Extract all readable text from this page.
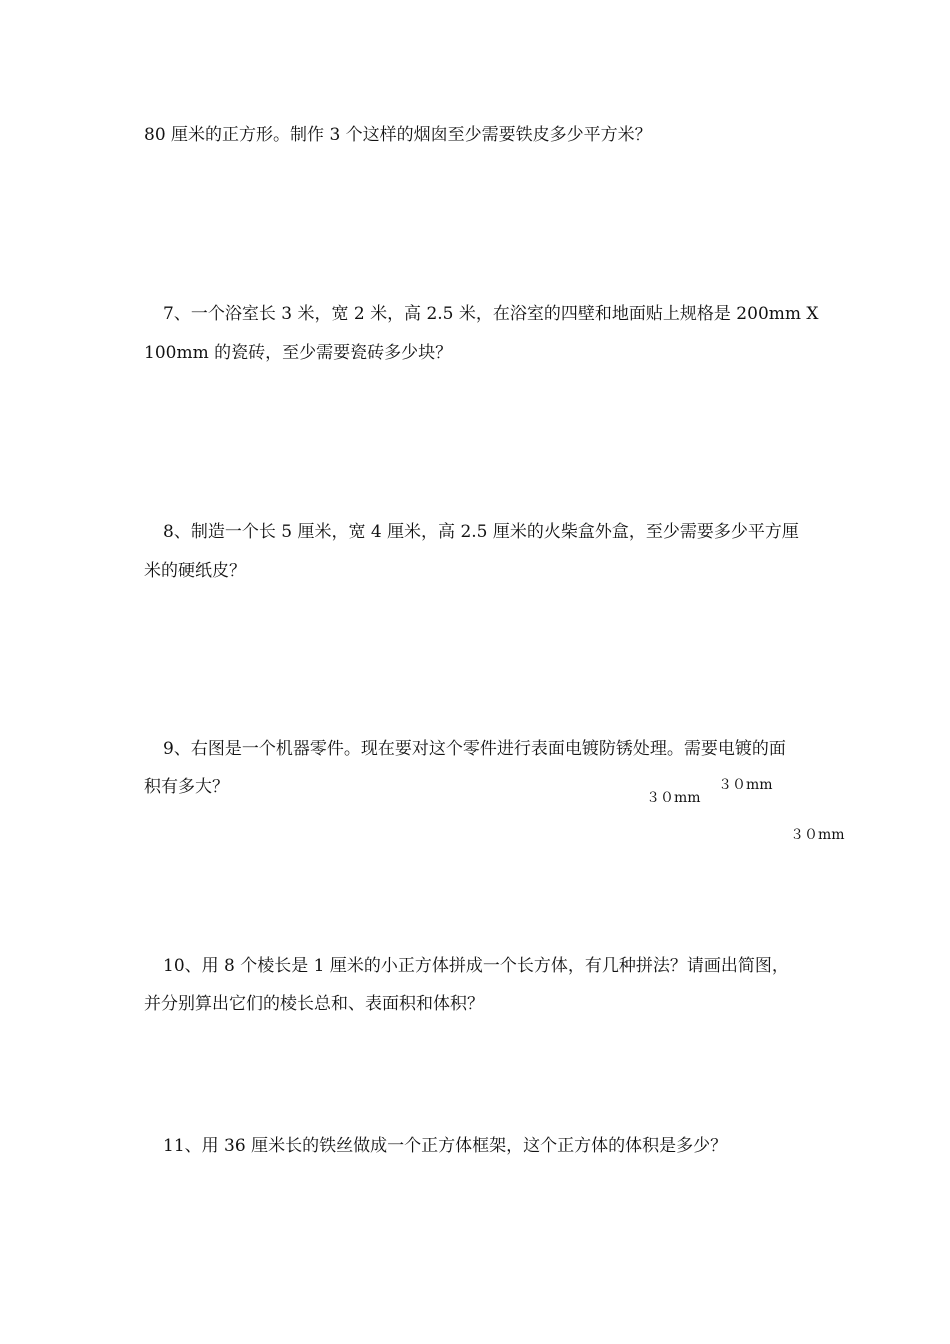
80 厘米的正方形。制作 3 个这样的烟囱至少需要铁皮多少平方米？
7、一个浴室长 3 米，宽 2 米，高 2.5 米，在浴室的四壁和地面贴上规格是 200mm X
100mm 的瓷砖，至少需要瓷砖多少块？
8、制造一个长 5 厘米，宽 4 厘米，高 2.5 厘米的火柴盒外盒，至少需要多少平方厘
米的硬纸皮？
9、右图是一个机器零件。现在要对这个零件进行表面电镀防锈处理。需要电镀的面
积有多大？	３０mm
３０mm
３０mm
10、用 8 个棱长是 1 厘米的小正方体拼成一个长方体，有几种拼法？请画出简图，
并分别算出它们的棱长总和、表面积和体积？
11、用 36 厘米长的铁丝做成一个正方体框架，这个正方体的体积是多少？
